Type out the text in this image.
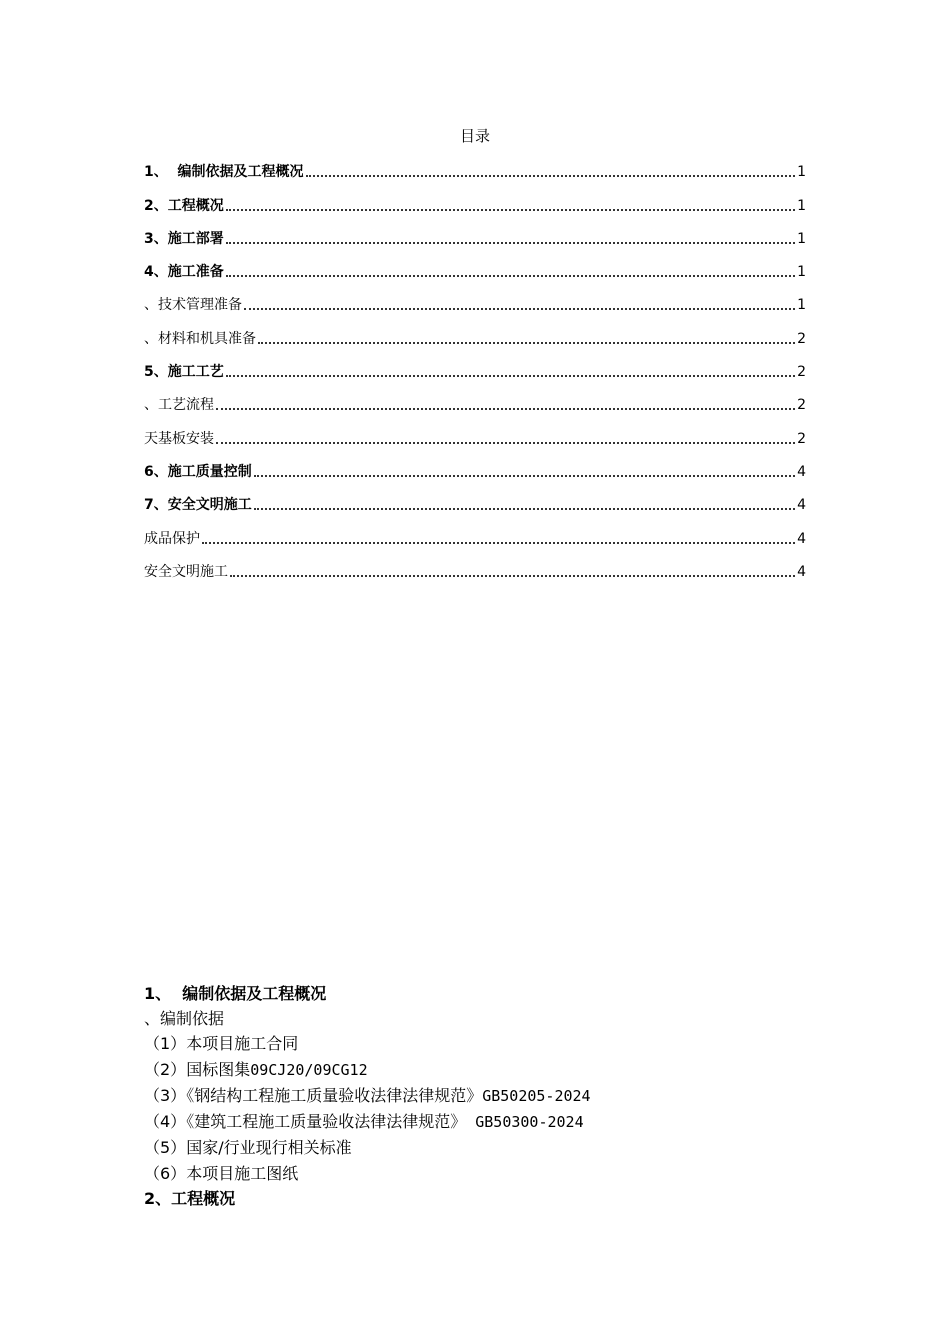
目录
1、  编制依据及工程概况	1
2、工程概况	1
3、施工部署	1
4、施工准备	1
、技术管理准备	1
、材料和机具准备	2
5、施工工艺	2
、工艺流程	2
天基板安装	2
6、施工质量控制	4
7、安全文明施工	4
成品保护	4
安全文明施工	4
1、  编制依据及工程概况
、编制依据
（1）本项目施工合同
（2）国标图集09CJ20/09CG12
（3）《钢结构工程施工质量验收法律法律规范》GB50205-2024
（4）《建筑工程施工质量验收法律法律规范》 GB50300-2024
（5）国家/行业现行相关标准
（6）本项目施工图纸
2、工程概况
